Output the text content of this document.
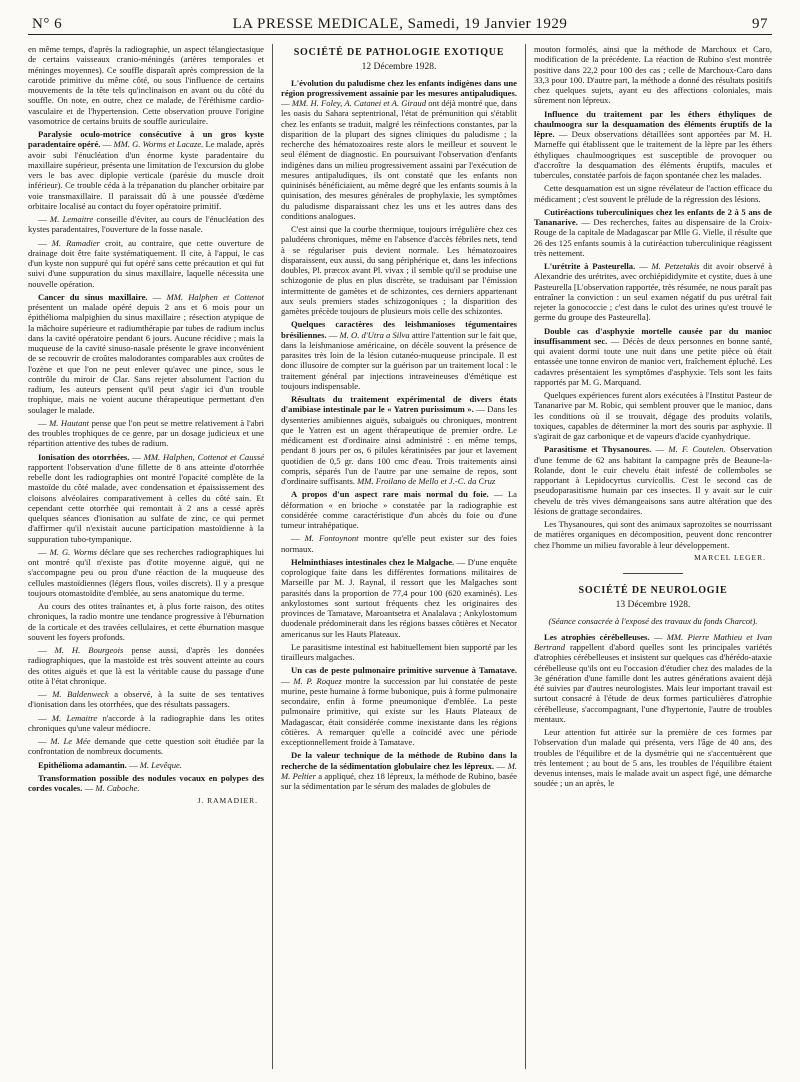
N° 6	LA PRESSE MEDICALE, Samedi, 19 Janvier 1929	97

en même temps, d'après la radiographie, un aspect télangiectasique de certains vaisseaux cranio-méningés (artères temporales et méninges moyennes). Ce souffle disparaît après compression de la carotide primitive du même côté, ou sous l'influence de certains mouvements de la tête tels qu'inclinaison en avant ou du côté du souffle. On note, en outre, chez ce malade, de l'éréthisme cardio-vasculaire et de l'hypertension. Cette observation prouve l'origine vasomotrice de certains bruits de souffle auriculaire.

Paralysie oculo-motrice consécutive à un gros kyste paradentaire opéré. — MM. G. Worms et Lacaze. Le malade, après avoir subi l'énucléation d'un énorme kyste paradentaire du maxillaire supérieur, présenta une limitation de l'excursion du globe vers le bas avec diplopie verticale (parésie du muscle droit inférieur). Ce trouble céda à la trépanation du plancher orbitaire par voie transmaxillaire. Il paraissait dû à une poussée d'œdème orbitaire localisé au contact du foyer opératoire primitif.

— M. Lemaitre conseille d'éviter, au cours de l'énucléation des kystes paradentaires, l'ouverture de la fosse nasale.

— M. Ramadier croit, au contraire, que cette ouverture de drainage doit être faite systématiquement. Il cite, à l'appui, le cas d'un kyste non suppuré qui fut opéré sans cette précaution et qui fut suivi d'une suppuration du sinus maxillaire, laquelle nécessita une nouvelle opération.

Cancer du sinus maxillaire. — MM. Halphen et Cottenot présentent un malade opéré depuis 2 ans et 6 mois pour un épithélioma malpighien du sinus maxillaire ; résection atypique de la mâchoire supérieure et radiumthérapie par tubes de radium inclus dans la cavité opératoire pendant 6 jours. Aucune récidive ; mais la muqueuse de la cavité sinuso-nasale présente le grave inconvénient de se recouvrir de croûtes malodorantes comparables aux croûtes de l'ozène et que l'on ne peut enlever qu'avec une pince, sous le contrôle du miroir de Clar. Sans rejeter absolument l'action du radium, les auteurs pensent qu'il peut s'agir ici d'un trouble trophique, mais ne voient aucune thérapeutique permettant d'en soulager le malade.

— M. Hautant pense que l'on peut se mettre relativement à l'abri des troubles trophiques de ce genre, par un dosage judicieux et une répartition attentive des tubes de radium.

Ionisation des otorrhées. — MM. Halphen, Cottenot et Caussé rapportent l'observation d'une fillette de 8 ans atteinte d'otorrhée rebelle dont les radiographies ont montré l'opacité complète de la mastoïde du côté malade, avec condensation et épaississement des cloisons alvéolaires comparativement à celles du côté sain. Et cependant cette otorrhée qui remontait à 2 ans a cessé après quelques séances d'ionisation au sulfate de zinc, ce qui permet d'affirmer qu'il n'existait aucune participation mastoïdienne à la suppuration tubo-tympanique.

— M. G. Worms déclare que ses recherches radiographiques lui ont montré qu'il n'existe pas d'otite moyenne aiguë, qui ne s'accompagne peu ou prou d'une réaction de la muqueuse des cellules mastoïdiennes (légers flous, voiles discrets). Il y a presque toujours otomastoïdite d'emblée, au sens anatomique du terme.

Au cours des otites traînantes et, à plus forte raison, des otites chroniques, la radio montre une tendance progressive à l'éburnation de la corticale et des travées cellulaires, et cette éburnation masque souvent les foyers profonds.

— M. H. Bourgeois pense aussi, d'après les données radiographiques, que la mastoïde est très souvent atteinte au cours des otites aiguës et que là est la véritable cause du passage d'une otite à l'état chronique.

— M. Baldenweck a observé, à la suite de ses tentatives d'ionisation dans les otorrhées, que des résultats passagers.

— M. Lemaitre n'accorde à la radiographie dans les otites chroniques qu'une valeur médiocre.

— M. Le Mée demande que cette question soit étudiée par la confrontation de nombreux documents.

Epithélioma adamantin. — M. Levêque.

Transformation possible des nodules vocaux en polypes des cordes vocales. — M. Caboche.

J. RAMADIER.
SOCIÉTÉ DE PATHOLOGIE EXOTIQUE
12 Décembre 1928.

L'évolution du paludisme chez les enfants indigènes dans une région progressivement assainie par les mesures antipaludiques. — MM. H. Foley, A. Catanei et A. Giraud ont déjà montré que, dans les oasis du Sahara septentrional, l'état de prémunition qui s'établit chez les enfants se traduit, malgré les réinfections constantes, par la disparition de la plupart des signes cliniques du paludisme ; la recherche des hématozoaires reste alors le meilleur et souvent le seul élément de diagnostic. En poursuivant l'observation d'enfants indigènes dans un milieu progressivement assaini par l'exécution de mesures antipaludiques, ils ont constaté que les enfants non quininisés bénéficiaient, au même degré que les enfants soumis à la quinisation, des mesures générales de prophylaxie, les symptômes du paludisme disparaissant chez les uns et les autres dans des conditions analogues.

C'est ainsi que la courbe thermique, toujours irrégulière chez ces paludéens chroniques, même en l'absence d'accès fébriles nets, tend à se régulariser puis devient normale. Les hématozoaires disparaissent, eux aussi, du sang périphérique et, dans les infections doubles, Pl. præcox avant Pl. vivax ; il semble qu'il se produise une schizogonie de plus en plus discrète, se traduisant par l'émission intermittente de gamètes et de schizontes, ces derniers appartenant aux seuls premiers stades schizogoniques ; la disparition des gamètes précède toujours de plusieurs mois celle des schizontes.

Quelques caractères des leishmanioses tégumentaires brésiliennes. — M. O. d'Utra a Silva attire l'attention sur le fait que, dans la leishmaniose américaine, on décèle souvent la présence de parasites très loin de la lésion cutanéo-muqueuse principale. Il est donc illusoire de compter sur la guérison par un traitement local : le traitement général par injections intraveineuses d'émétique est toujours indispensable.

Résultats du traitement expérimental de divers états d'amibiase intestinale par le « Yatren purissimum ». — Dans les dysenteries amibiennes aiguës, subaiguës ou chroniques, montrent que le Yatren est un agent thérapeutique de premier ordre. Le médicament est d'ordinaire ainsi administré : en même temps, pendant 8 jours per os, 6 pilules kératinisées par jour et lavement quotidien de 0,5 gr. dans 100 cmc d'eau. Trois traitements ainsi compris, séparés l'un de l'autre par une semaine de repos, sont d'ordinaire suffisants. MM. Froilano de Mello et J.-C. da Cruz

A propos d'un aspect rare mais normal du foie. — La déformation « en brioche » constatée par la radiographie est considérée comme caractéristique d'un abcès du foie ou d'une tumeur intrahépatique.

— M. Fontoynont montre qu'elle peut exister sur des foies normaux.

Helminthiases intestinales chez le Malgache. — D'une enquête coprologique faite dans les différentes formations militaires de Marseille par M. J. Raynal, il ressort que les Malgaches sont parasités dans la proportion de 77,4 pour 100 (620 examinés). Les ankylostomes sont surtout fréquents chez les originaires des provinces de Tamatave, Maroantsetra et Analalava ; Ankylostomum duodenale prédominerait dans les régions basses côtières et Necator americanus sur les Hauts Plateaux.

Le parasitisme intestinal est habituellement bien supporté par les tirailleurs malgaches.

Un cas de peste pulmonaire primitive survenue à Tamatave. — M. P. Roquez montre la succession par lui constatée de peste murine, peste humaine à forme bubonique, puis à forme pulmonaire secondaire, enfin à forme pneumonique d'emblée. La peste pulmonaire primitive, qui existe sur les Hauts Plateaux de Madagascar, était considérée comme inexistante dans les régions côtières. A remarquer qu'elle a coïncidé avec une période exceptionnellement froide à Tamatave.

De la valeur technique de la méthode de Rubino dans la recherche de la sédimentation globulaire chez les lépreux. — M. M. Peltier a appliqué, chez 18 lépreux, la méthode de Rubino, basée sur la sédimentation par le sérum des malades de globules de

mouton formolés, ainsi que la méthode de Marchoux et Caro, modification de la précédente. La réaction de Rubino s'est montrée positive dans 22,2 pour 100 des cas ; celle de Marchoux-Caro dans 33,3 pour 100. D'autre part, la méthode a donné des résultats positifs chez quelques sujets, ayant eu des affections coloniales, mais sûrement non lépreux.

Influence du traitement par les éthers éthyliques de chaulmoogra sur la desquamation des éléments éruptifs de la lèpre. — Deux observations détaillées sont apportées par M. H. Marneffe qui établissent que le traitement de la lèpre par les éthers éthyliques chaulmoogriques est susceptible de provoquer ou d'accroître la desquamation des éléments éruptifs, macules et tubercules, constatée parfois de façon spontanée chez les malades.

Cette desquamation est un signe révélateur de l'action efficace du médicament ; c'est souvent le prélude de la régression des lésions.

Cutiréactions tuberculiniques chez les enfants de 2 à 5 ans de Tananarive. — Des recherches, faites au dispensaire de la Croix-Rouge de la capitale de Madagascar par Mlle G. Vielle, il résulte que 26 des 125 enfants soumis à la cutiréaction tuberculinique réagissent très nettement.

L'urétrite à Pasteurella. — M. Petzetakis dit avoir observé à Alexandrie des urétrites, avec orchiépididymite et cystite, dues à une Pasteurella [L'observation rapportée, très résumée, ne nous paraît pas entraîner la conviction : un seul examen négatif du pus urétral fait rejeter la gonococcie ; c'est dans le culot des urines qu'est trouvé le germe du groupe des Pasteurella].

Double cas d'asphyxie mortelle causée par du manioc insuffisamment sec. — Décès de deux personnes en bonne santé, qui avaient dormi toute une nuit dans une petite pièce où était entassée une tonne environ de manioc vert, fraîchement épluché. Les cadavres présentaient les symptômes d'asphyxie. Tels sont les faits rapportés par M. G. Marquand.

Quelques expériences furent alors exécutées à l'Institut Pasteur de Tananarive par M. Robic, qui semblent prouver que le manioc, dans les conditions où il se trouvait, dégage des produits volatils, toxiques, capables de déterminer la mort des souris par asphyxie. Il s'agirait de gaz carbonique et de vapeurs d'acide cyanhydrique.

Parasitisme et Thysanoures. — M. F. Coutelen. Observation d'une femme de 62 ans habitant la campagne près de Beaune-la-Rolande, dont le cuir chevelu était infesté de collemboles se rapportant à Lepidocyrtus curvicollis. C'est le second cas de pseudoparasitisme humain par ces insectes. Il y avait sur le cuir chevelu de très vives démangeaisons sans autre altération que des lésions de grattage secondaires.

Les Thysanoures, qui sont des animaux saprozoïtes se nourrissant de matières organiques en décomposition, peuvent donc rencontrer chez l'homme un milieu favorable à leur développement.

MARCEL LEGER.
SOCIÉTÉ DE NEUROLOGIE
13 Décembre 1928.
(Séance consacrée à l'exposé des travaux du fonds Charcot).

Les atrophies cérébelleuses. — MM. Pierre Mathieu et Ivan Bertrand rappellent d'abord quelles sont les principales variétés d'atrophies cérébelleuses et insistent sur quelques cas d'hérédo-ataxie cérébelleuse qu'ils ont eu l'occasion d'étudier chez des malades de la 3e génération d'une famille dont les autres générations avaient déjà été suivies par d'autres neurologistes. Mais leur important travail est surtout consacré à l'étude de deux formes particulières d'atrophie cérébelleuse, s'accompagnant, l'une d'hypertonie, l'autre de troubles mentaux.

Leur attention fut attirée sur la première de ces formes par l'observation d'un malade qui présenta, vers l'âge de 40 ans, des troubles de l'équilibre et de la dysmétrie qui ne s'accentuèrent que très lentement ; au bout de 5 ans, les troubles de l'équilibre étaient devenus intenses, mais le malade avait un aspect figé, une démarche soudée ; un an après, le
